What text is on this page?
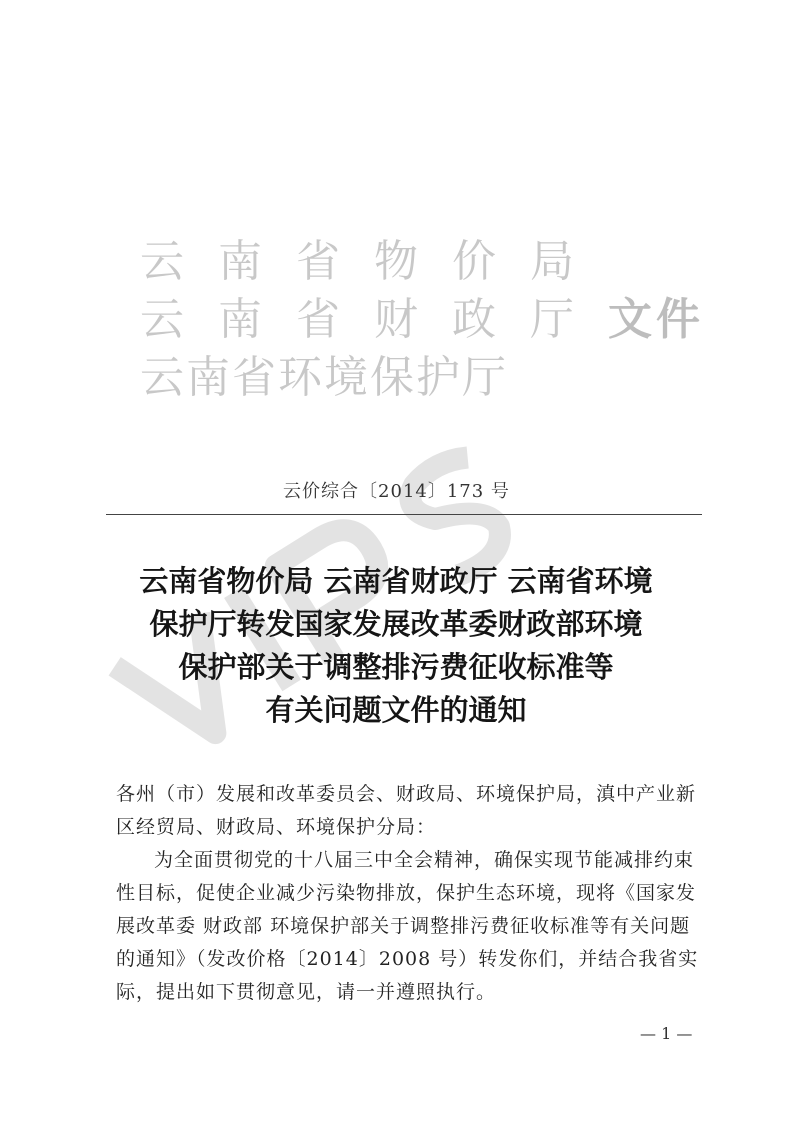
云南省物价局
云南省财政厅 文件
云南省环境保护厅
云价综合〔2014〕173 号
云南省物价局 云南省财政厅 云南省环境
保护厅转发国家发展改革委财政部环境
保护部关于调整排污费征收标准等
有关问题文件的通知

各州（市）发展和改革委员会、财政局、环境保护局，滇中产业新区经贸局、财政局、环境保护分局：

为全面贯彻党的十八届三中全会精神，确保实现节能减排约束性目标，促使企业减少污染物排放，保护生态环境，现将《国家发展改革委 财政部 环境保护部关于调整排污费征收标准等有关问题的通知》（发改价格〔2014〕2008 号）转发你们，并结合我省实际，提出如下贯彻意见，请一并遵照执行。

— 1 —
